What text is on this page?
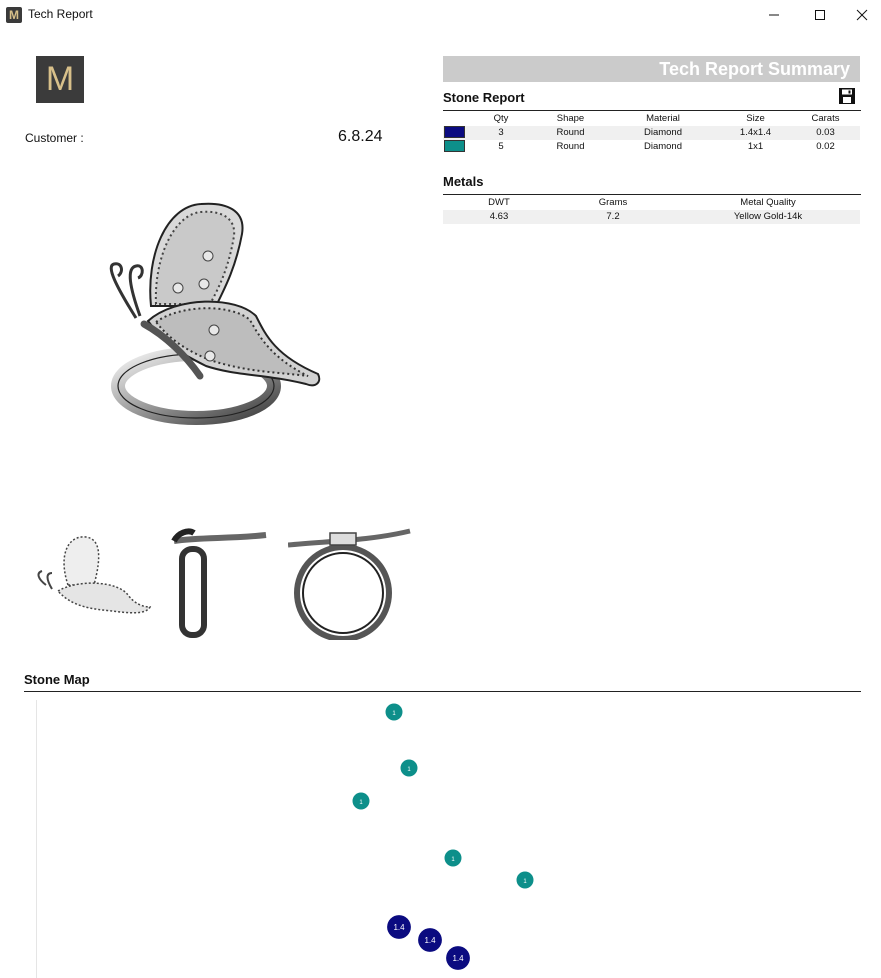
M Tech Report
M
Customer :	6.8.24
Tech Report Summary
Stone Report
Qty	Shape	Material	Size	Carats
3	Round	Diamond	1.4x1.4	0.03
5	Round	Diamond	1x1	0.02
Metals
DWT	Grams	Metal Quality
4.63	7.2	Yellow Gold-14k
Stone Map
1
1
1
1
1
1.4
1.4
1.4
